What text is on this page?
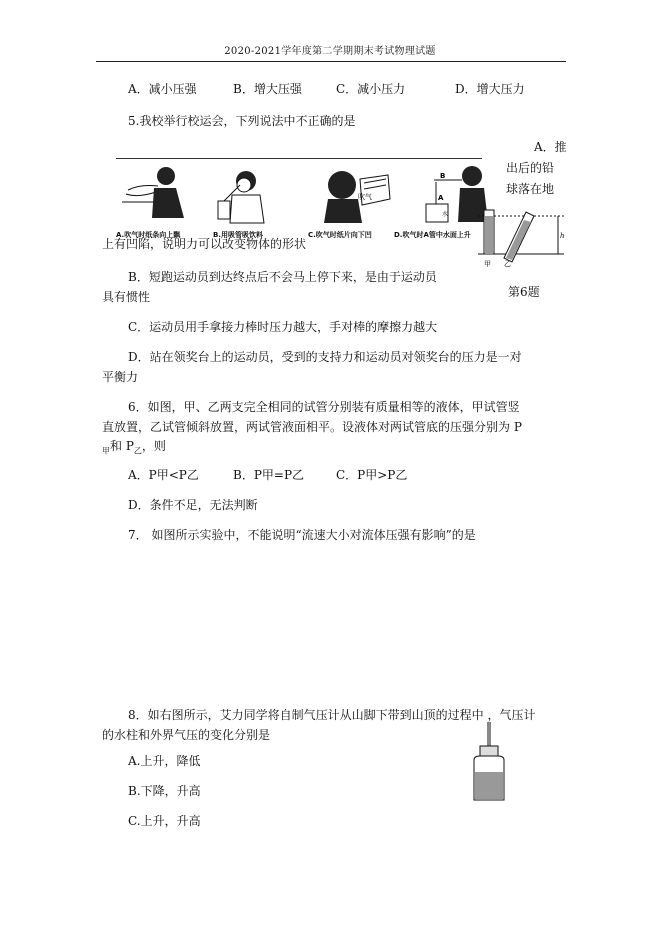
2020-2021学年度第二学期期末考试物理试题
A．减小压强	B．增大压强	C．减小压力	D．增大压力
5.我校举行校运会，下列说法中不正确的是
A．推
出后的铅
球落在地
A.吹气时纸条向上飘	B.用吸管吸饮料
吹气
C.吹气时纸片向下凹
B
A
水
D.吹气时A管中水面上升	h
甲 乙
上有凹陷，说明力可以改变物体的形状
B．短跑运动员到达终点后不会马上停下来，是由于运动员
具有惯性	第6题
C．运动员用手拿接力棒时压力越大，手对棒的摩擦力越大
D．站在领奖台上的运动员，受到的支持力和运动员对领奖台的压力是一对
平衡力
6．如图，甲、乙两支完全相同的试管分别装有质量相等的液体，甲试管竖
直放置，乙试管倾斜放置，两试管液面相平。设液体对两试管底的压强分别为 P
$_甲$和 $P_乙$，则
A．P甲<P乙	B．P甲=P乙	C．P甲>P乙
D．条件不足，无法判断
7． 如图所示实验中，不能说明“流速大小对流体压强有影响”的是
8．如右图所示，艾力同学将自制气压计从山脚下带到山顶的过程中 ，气压计
的水柱和外界气压的变化分别是
A.上升，降低
B.下降，升高
C.上升，升高
